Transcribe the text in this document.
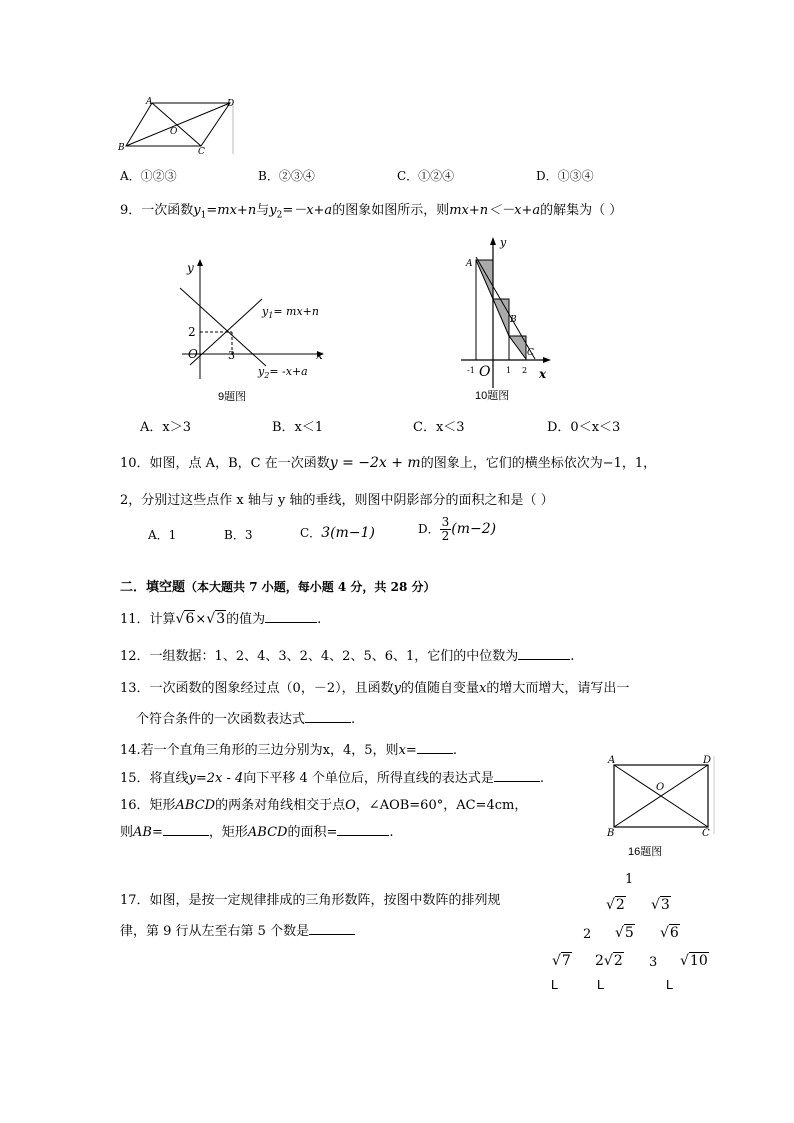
A	D
B	C
O
A．①②③	B．②③④	C．①②④	D．①③④
9．一次函数$y_1=mx+n$与$y_2=-x+a$的图象如图所示，则mx+n＜－x+a的解集为（ ）
y
x
O
2
3
$y_1= mx+n$
$y_2= -x+a$
9题图
y
x
O
A
B
C
-1	1 2
10题图
A．x＞3	B．x＜1	C．x＜3	D．0＜x＜3
10．如图，点 A，B，C 在一次函数y = −2x + m的图象上，它们的横坐标依次为−1，1，
2，分别过这些点作 x 轴与 y 轴的垂线，则图中阴影部分的面积之和是（ ）
A．1	B．3	C．3(m−1)	D． $\frac{3}{2} (m-2)$
二．填空题（本大题共 7 小题，每小题 4 分，共 28 分）
11．计算√6×√3的值为	.
12．一组数据：1、2、4、3、2、4、2、5、6、1，它们的中位数为	.
13．一次函数的图象经过点（0，－2），且函数y的值随自变量x的增大而增大，请写出一
个符合条件的一次函数表达式	.
14.若一个直角三角形的三边分别为x，4，5，则x=	.
15．将直线y=2x - 4向下平移 4 个单位后，所得直线的表达式是	.
16．矩形ABCD的两条对角线相交于点O，∠AOB=60°，AC=4cm，
则AB=	，矩形ABCD的面积=	.
A	D
B	C
O
16题图
17．如图，是按一定规律排成的三角形数阵，按图中数阵的排列规
律，第 9 行从左至右第 5 个数是
1
√2 √3
2 √5 √6
√7 2√2 3 √10
L	L	L
